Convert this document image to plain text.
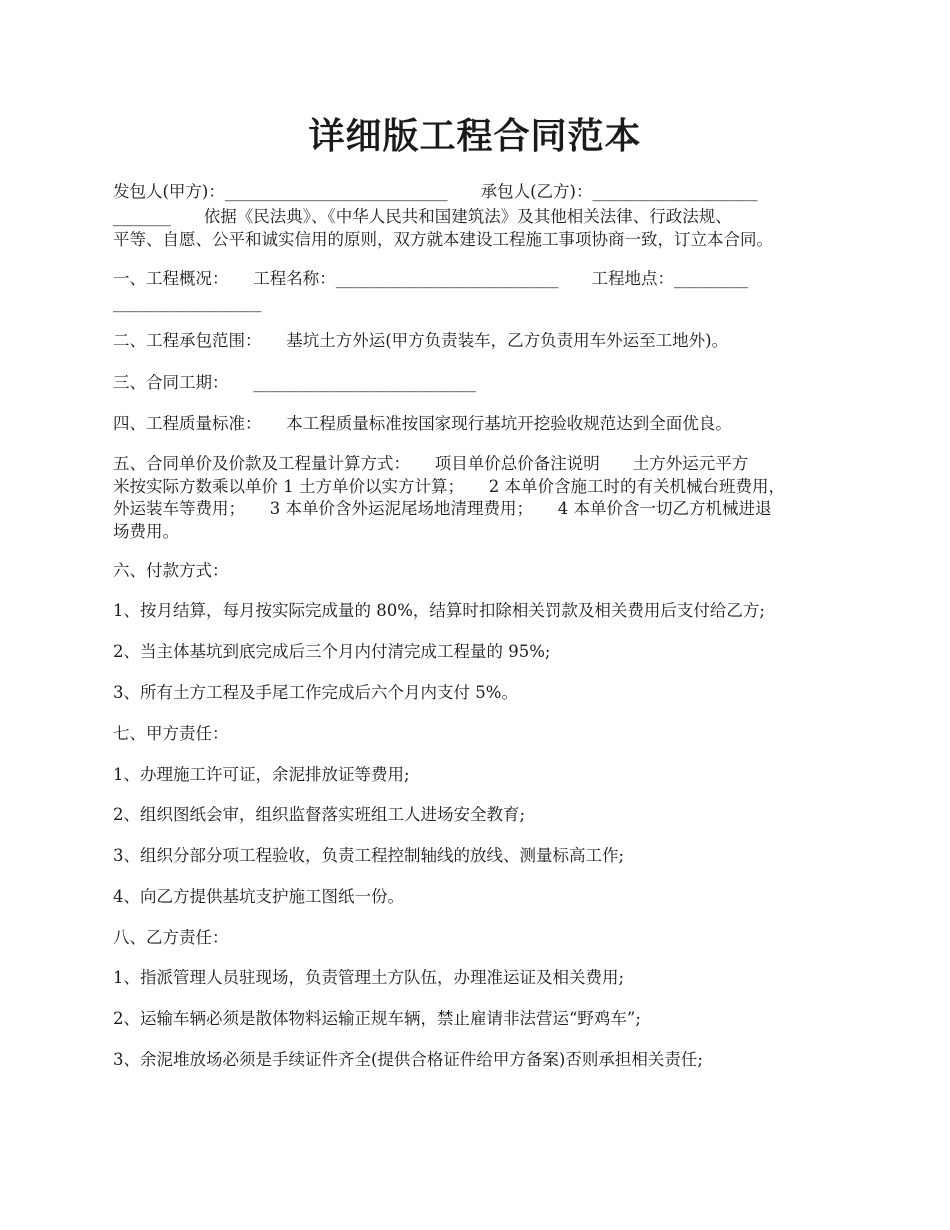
详细版工程合同范本

发包人(甲方)：___________________________　　承包人(乙方)：____________________

_______　　依据《民法典》、《中华人民共和国建筑法》及其他相关法律、行政法规、

平等、自愿、公平和诚实信用的原则，双方就本建设工程施工事项协商一致，订立本合同。

一、工程概况：　　工程名称：___________________________　　工程地点：_________

__________________

二、工程承包范围：　　基坑土方外运(甲方负责装车，乙方负责用车外运至工地外)。

三、合同工期：　　___________________________

四、工程质量标准：　　本工程质量标准按国家现行基坑开挖验收规范达到全面优良。

五、合同单价及价款及工程量计算方式：　　项目单价总价备注说明　　土方外运元平方

米按实际方数乘以单价 1 土方单价以实方计算；　　2 本单价含施工时的有关机械台班费用，

外运装车等费用；　　3 本单价含外运泥尾场地清理费用；　　4 本单价含一切乙方机械进退

场费用。

六、付款方式：

1、按月结算，每月按实际完成量的 80%，结算时扣除相关罚款及相关费用后支付给乙方;

2、当主体基坑到底完成后三个月内付清完成工程量的 95%;

3、所有土方工程及手尾工作完成后六个月内支付 5%。

七、甲方责任：

1、办理施工许可证，余泥排放证等费用;

2、组织图纸会审，组织监督落实班组工人进场安全教育;

3、组织分部分项工程验收，负责工程控制轴线的放线、测量标高工作;

4、向乙方提供基坑支护施工图纸一份。

八、乙方责任：

1、指派管理人员驻现场，负责管理土方队伍，办理准运证及相关费用;

2、运输车辆必须是散体物料运输正规车辆，禁止雇请非法营运“野鸡车”;

3、余泥堆放场必须是手续证件齐全(提供合格证件给甲方备案)否则承担相关责任;
